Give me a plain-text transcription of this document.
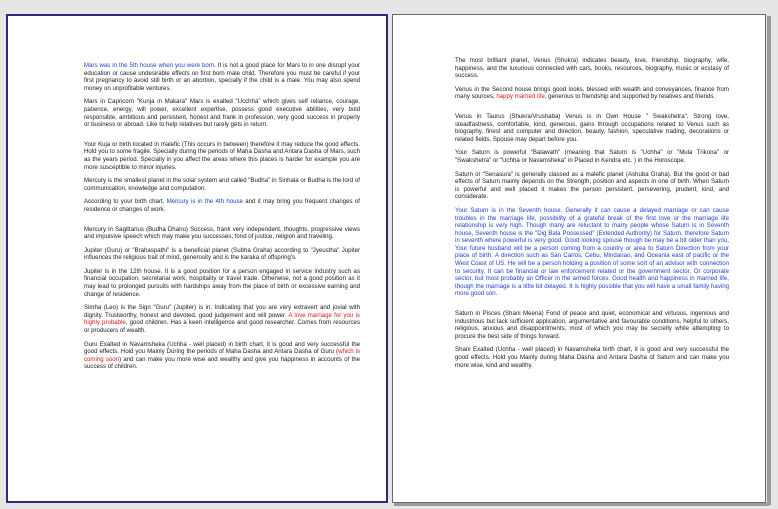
Mars was in the 5th house when you were born. It is not a good place for Mars to in one disrupt your education or cause undesirable effects on first born male child. Therefore you must be careful if your first pregnancy to avoid still birth or an abortion, specially if the child is a male. You may also spend money on unprofitable ventures.

Mars in Capricorn "Kunja in Makara" Mars is exalted "Ucchha" which gives self reliance, courage, patience, energy, will power, excellent expertise, possess good executive abilities, very bold responsible, ambitious and persistent, honest and frank in profession, very good success in property or business or abroad. Like to help relatives but rarely gets in return.

Your Kuja or birth located in malefic (This occurs in between) therefore it may reduce the good effects. Hold you to some fragile. Specially during the periods of Maha Dasha and Antara Dasha of Mars, such as the years period. Specially in you affect the areas where this places is harder for example you are more susceptible to minor injuries.

Mercury is the smallest planet in the solar system and called "Budha" in Sinhala or Budha is the lord of communication, knowledge and computation.

According to your birth chart, Mercury is in the 4th house and it may bring you frequent changes of residence or changes of work.

Mercury in Sagittarius (Budha Dhanu) Success, frank very independent, thoughts, progressive views and impulsive speech which may make you successes, fond of justice, religion and traveling.

Jupiter (Guru) or "Brahaspathi" is a beneficial planet (Subha Graha) according to "Jyeustha" Jupiter influences the religious trait of mind, generosity and is the karaka of offspring's.

Jupiter is in the 12th house. It is a good position for a person engaged in service industry such as financial occupation, secretarial work, hospitality or travel trade. Otherwise, not a good position as it may lead to prolonged pursuits with hardships away from the place of birth or excessive earning and change of residence.

Simha (Leo) is the Sign "Guru" (Jupiter) is in. Indicating that you are very extravert and jovial with dignity. Trustworthy, honest and devoted, good judgement and will power. A love marriage for you is highly probable, good children. Has a keen intelligence and good researcher. Comes from resources or producers of wealth.

Guru Exalted in Navamsheka (Uchha - well placed) in birth chart, it is good and very successful the good effects. Hold you Mainly During the periods of Maha Dasha and Antara Dasha of Guru (which is coming soon) and can make you more wise and wealthy and give you happiness in accounts of the success of children.

The most brilliant planet, Venus (Shukra) indicates beauty, love, friendship, biography, wife, happiness, and the luxurious connected with cars, books, resources, biography, music or ecstasy of success.

Venus in the Second house brings good looks, blessed with wealth and conveyances, finance from many sources, happy married life, generous to friendship and supported by relatives and friends.

Venus in Taurus (Shukra/Vrushaba) Venus is in Own House " Swakshetra". Strong love, steadfastness, comfortable, kind, generous, gains through occupations related to Venus such as biography, finest and computer and direction, beauty, fashion, speculative trading, decorations or related fields. Spouse may depart before you.

Your Saturn is powerful "Balawath" (meaning that Saturn is "Uchha" or "Mula Trikona" or "Swakshetra" or "Uchha or Navamsheka" in Placed in Kendra etc. ) in the Horoscope.

Saturn or "Senasura" is generally classed as a malefic planet (Ashuba Graha). But the good or bad effects of Saturn mainly depends on the Strength, position and aspects in one of birth. When Saturn is powerful and well placed it makes the person persistent, persevering, prudent, kind, and considerate.

Your Saturn is in the Seventh house. Generally it can cause a delayed marriage or can cause troubles in the marriage life, possibility of a grateful break of the first love or the marriage life relationship is very high. Though many are reluctant to marry people whose Saturn is in Seventh house, Seventh house is the "Dig Bala Possessed" (Extended Authority) for Saturn, therefore Saturn in seventh where powerful is very good. Good looking spouse though be may be a bit older than you, Your future husband will be a person coming from a country or area to Saturn Direction from your place of birth. A direction such as San Carlos, Cebu, Mindanao, and Oceania east of pacific or the West Coast of US. He will be a person holding a position of some sort of an advisor with connection to security. It can be financial or law enforcement related or the government sector. Or corporate sector, but most probably an Officer in the armed forces. Good health and happiness in married life, though the marriage is a little bit delayed. It is highly possible that you will have a small family having more good son.

Saturn in Pisces (Shani Meena) Fond of peace and quiet, economical and virtuous, ingenious and industrious but lack sufficient application, argumentative and favourable conditions, helpful to others, religious, anxious and disappointments, most of which you may be secretly while attempting to procure the best side of things forward.

Shani Exalted (Uchha - well placed) in Navamsheka birth chart, it is good and very successful the good effects. Hold you Mainly during Maha Dasha and Antara Dasha of Saturn and can make you more wise, kind and wealthy.
